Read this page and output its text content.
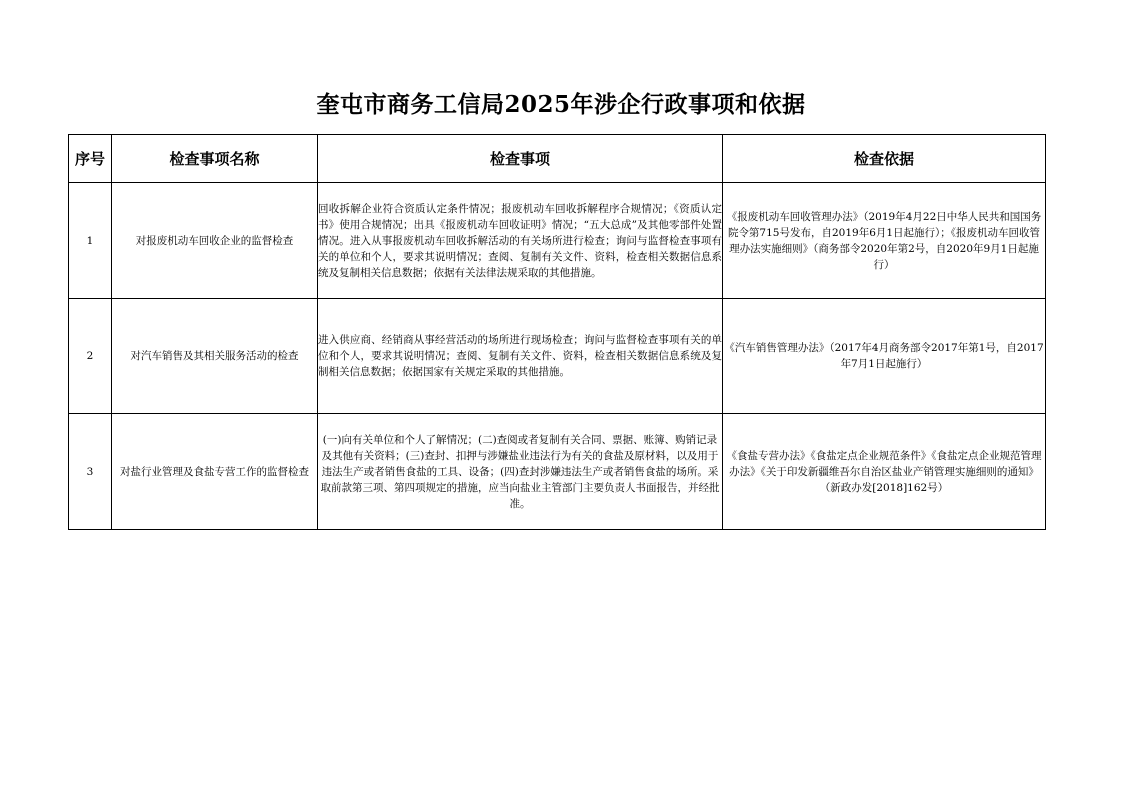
奎屯市商务工信局2025年涉企行政事项和依据
序号	检查事项名称	检查事项	检查依据
1	对报废机动车回收企业的监督检查	回收拆解企业符合资质认定条件情况；报废机动车回收拆解程序合规情况；《资质认定书》使用合规情况；出具《报废机动车回收证明》情况；“五大总成”及其他零部件处置情况。进入从事报废机动车回收拆解活动的有关场所进行检查；询问与监督检查事项有关的单位和个人，要求其说明情况；查阅、复制有关文件、资料，检查相关数据信息系统及复制相关信息数据；依据有关法律法规采取的其他措施。	《报废机动车回收管理办法》（2019年4月22日中华人民共和国国务院令第715号发布，自2019年6月1日起施行）；《报废机动车回收管理办法实施细则》（商务部令2020年第2号，自2020年9月1日起施行）
2	对汽车销售及其相关服务活动的检查	进入供应商、经销商从事经营活动的场所进行现场检查；询问与监督检查事项有关的单位和个人，要求其说明情况；查阅、复制有关文件、资料，检查相关数据信息系统及复制相关信息数据；依据国家有关规定采取的其他措施。	《汽车销售管理办法》（2017年4月商务部令2017年第1号，自2017年7月1日起施行）
3	对盐行业管理及食盐专营工作的监督检查	(一)向有关单位和个人了解情况；(二)查阅或者复制有关合同、票据、账簿、购销记录及其他有关资料；(三)查封、扣押与涉嫌盐业违法行为有关的食盐及原材料，以及用于违法生产或者销售食盐的工具、设备；(四)查封涉嫌违法生产或者销售食盐的场所。采取前款第三项、第四项规定的措施，应当向盐业主管部门主要负责人书面报告，并经批准。	《食盐专营办法》《食盐定点企业规范条件》《食盐定点企业规范管理办法》《关于印发新疆维吾尔自治区盐业产销管理实施细则的通知》（新政办发[2018]162号）
